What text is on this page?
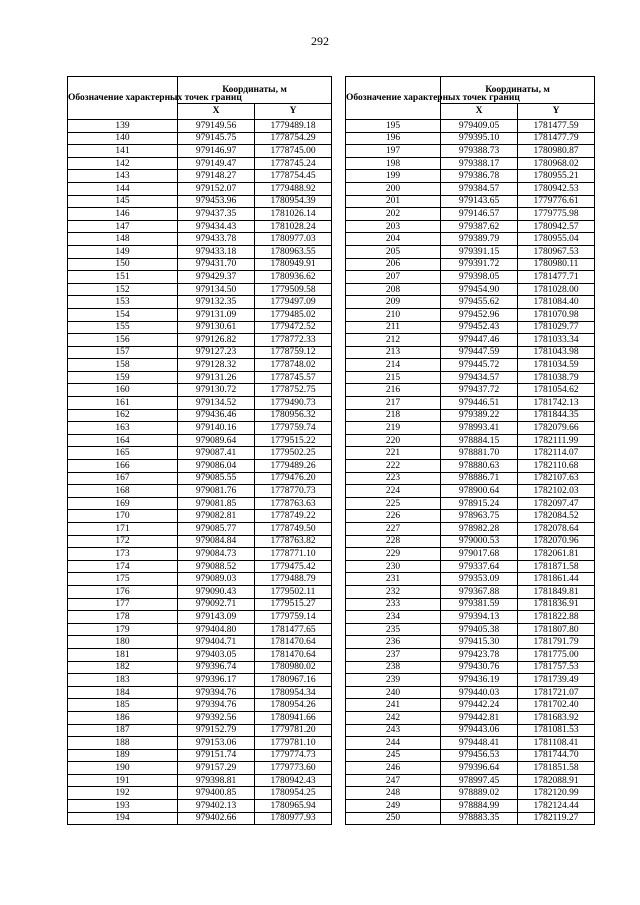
292
Обозначение характерных точек границ	Координаты, м	
	X	Y
139	979149.56	1779489.18
140	979145.75	1778754.29
141	979146.97	1778745.00
142	979149.47	1778745.24
143	979148.27	1778754.45
144	979152.07	1779488.92
145	979453.96	1780954.39
146	979437.35	1781026.14
147	979434.43	1781028.24
148	979433.78	1780977.03
149	979433.18	1780963.55
150	979431.70	1780949.91
151	979429.37	1780936.62
152	979134.50	1779509.58
153	979132.35	1779497.09
154	979131.09	1779485.02
155	979130.61	1779472.52
156	979126.82	1778772.33
157	979127.23	1778759.12
158	979128.32	1778748.02
159	979131.26	1778745.57
160	979130.72	1778752.75
161	979134.52	1779490.73
162	979436.46	1780956.32
163	979140.16	1779759.74
164	979089.64	1779515.22
165	979087.41	1779502.25
166	979086.04	1779489.26
167	979085.55	1779476.20
168	979081.76	1778770.73
169	979081.85	1778763.63
170	979082.81	1778749.22
171	979085.77	1778749.50
172	979084.84	1778763.82
173	979084.73	1778771.10
174	979088.52	1779475.42
175	979089.03	1779488.79
176	979090.43	1779502.11
177	979092.71	1779515.27
178	979143.09	1779759.14
179	979404.80	1781477.65
180	979404.71	1781470.64
181	979403.05	1781470.64
182	979396.74	1780980.02
183	979396.17	1780967.16
184	979394.76	1780954.34
185	979394.76	1780954.26
186	979392.56	1780941.66
187	979152.79	1779781.20
188	979153.06	1779781.10
189	979151.74	1779774.73
190	979157.29	1779773.60
191	979398.81	1780942.43
192	979400.85	1780954.25
193	979402.13	1780965.94
194	979402.66	1780977.93
Обозначение характерных точек границ	Координаты, м	
	X	Y
195	979409.05	1781477.59
196	979395.10	1781477.79
197	979388.73	1780980.87
198	979388.17	1780968.02
199	979386.78	1780955.21
200	979384.57	1780942.53
201	979143.65	1779776.61
202	979146.57	1779775.98
203	979387.62	1780942.57
204	979389.79	1780955.04
205	979391.15	1780967.53
206	979391.72	1780980.11
207	979398.05	1781477.71
208	979454.90	1781028.00
209	979455.62	1781084.40
210	979452.96	1781070.98
211	979452.43	1781029.77
212	979447.46	1781033.34
213	979447.59	1781043.98
214	979445.72	1781034.59
215	979434.57	1781038.79
216	979437.72	1781054.62
217	979446.51	1781742.13
218	979389.22	1781844.35
219	978993.41	1782079.66
220	978884.15	1782111.99
221	978881.70	1782114.07
222	978880.63	1782110.68
223	978886.71	1782107.63
224	978900.64	1782102.03
225	978915.24	1782097.47
226	978963.75	1782084.52
227	978982.28	1782078.64
228	979000.53	1782070.96
229	979017.68	1782061.81
230	979337.64	1781871.58
231	979353.09	1781861.44
232	979367.88	1781849.81
233	979381.59	1781836.91
234	979394.13	1781822.88
235	979405.38	1781807.80
236	979415.30	1781791.79
237	979423.78	1781775.00
238	979430.76	1781757.53
239	979436.19	1781739.49
240	979440.03	1781721.07
241	979442.24	1781702.40
242	979442.81	1781683.92
243	979443.06	1781081.53
244	979448.41	1781108.41
245	979456.53	1781744.70
246	979396.64	1781851.58
247	978997.45	1782088.91
248	978889.02	1782120.99
249	978884.99	1782124.44
250	978883.35	1782119.27
